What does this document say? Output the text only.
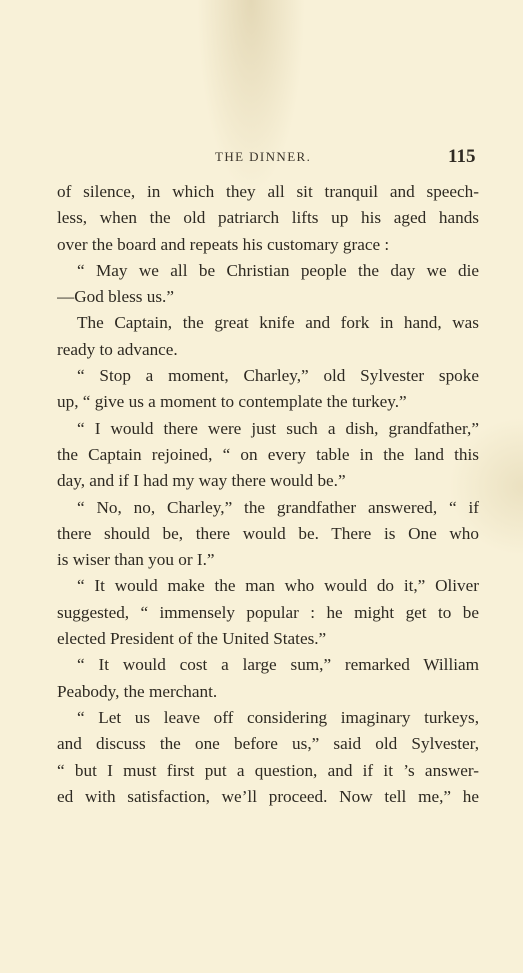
THE DINNER.	115
of silence, in which they all sit tranquil and speech-
less, when the old patriarch lifts up his aged hands
over the board and repeats his customary grace :
“ May we all be Christian people the day we die
—God bless us.”
The Captain, the great knife and fork in hand, was
ready to advance.
“ Stop a moment, Charley,” old Sylvester spoke
up, “ give us a moment to contemplate the turkey.”
“ I would there were just such a dish, grandfather,”
the Captain rejoined, “ on every table in the land this
day, and if I had my way there would be.”
“ No, no, Charley,” the grandfather answered, “ if
there should be, there would be. There is One who
is wiser than you or I.”
“ It would make the man who would do it,” Oliver
suggested, “ immensely popular : he might get to be
elected President of the United States.”
“ It would cost a large sum,” remarked William
Peabody, the merchant.
“ Let us leave off considering imaginary turkeys,
and discuss the one before us,” said old Sylvester,
“ but I must first put a question, and if it ’s answer-
ed with satisfaction, we’ll proceed. Now tell me,” he
